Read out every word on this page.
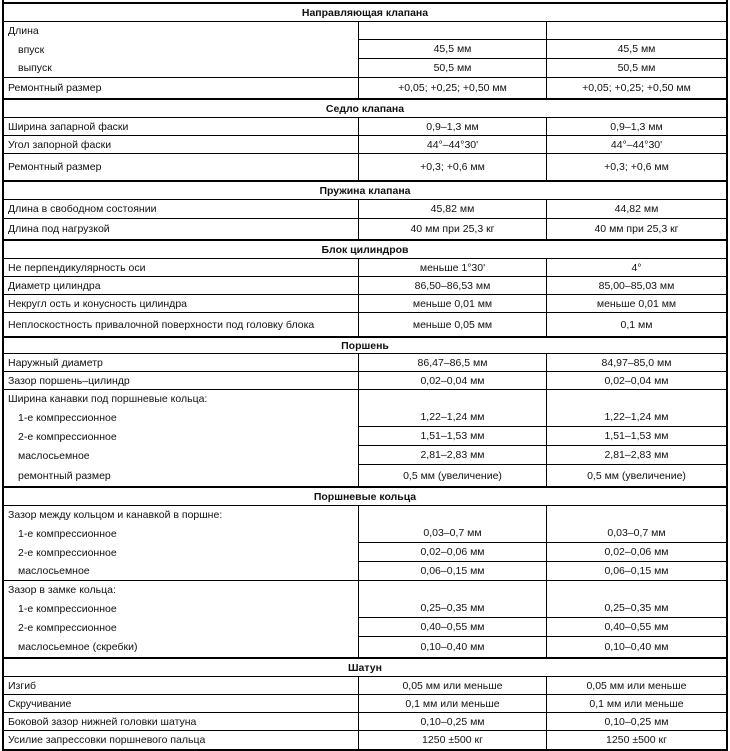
Направляющая клапана
Длина
впуск	45,5 мм	45,5 мм
выпуск	50,5 мм	50,5 мм
Ремонтный размер	+0,05; +0,25; +0,50 мм	+0,05; +0,25; +0,50 мм
Седло клапана
Ширина запарной фаски	0,9–1,3 мм	0,9–1,3 мм
Угол запорной фаски	44°–44°30'	44°–44°30'
Ремонтный размер	+0,3; +0,6 мм	+0,3; +0,6 мм
Пружина клапана
Длина в свободном состоянии	45,82 мм	44,82 мм
Длина под нагрузкой	40 мм при 25,3 кг	40 мм при 25,3 кг
Блок цилиндров
Не перпендикулярность оси	меньше 1°30'	4°
Диаметр цилиндра	86,50–86,53 мм	85,00–85,03 мм
Некругл ость и конусность цилиндра	меньше 0,01 мм	меньше 0,01 мм
Неплоскостность привалочной поверхности под головку блока	меньше 0,05 мм	0,1 мм
Поршень
Наружный диаметр	86,47–86,5 мм	84,97–85,0 мм
Зазор поршень–цилиндр	0,02–0,04 мм	0,02–0,04 мм
Ширина канавки под поршневые кольца:
1-е компрессионное	1,22–1,24 мм	1,22–1,24 мм
2-е компрессионное	1,51–1,53 мм	1,51–1,53 мм
маслосьемное	2,81–2,83 мм	2,81–2,83 мм
ремонтный размер	0,5 мм (увеличение)	0,5 мм (увеличение)
Поршневые кольца
Зазор между кольцом и канавкой в поршне:
1-е компрессионное	0,03–0,7 мм	0,03–0,7 мм
2-е компрессионное	0,02–0,06 мм	0,02–0,06 мм
маслосьемное	0,06–0,15 мм	0,06–0,15 мм
Зазор в замке кольца:
1-е компрессионное	0,25–0,35 мм	0,25–0,35 мм
2-е компрессионное	0,40–0,55 мм	0,40–0,55 мм
маслосьемное (скребки)	0,10–0,40 мм	0,10–0,40 мм
Шатун
Изгиб	0,05 мм или меньше	0,05 мм или меньше
Скручивание	0,1 мм или меньше	0,1 мм или меньше
Боковой зазор нижней головки шатуна	0,10–0,25 мм	0,10–0,25 мм
Усилие запрессовки поршневого пальца	1250 ±500 кг	1250 ±500 кг
